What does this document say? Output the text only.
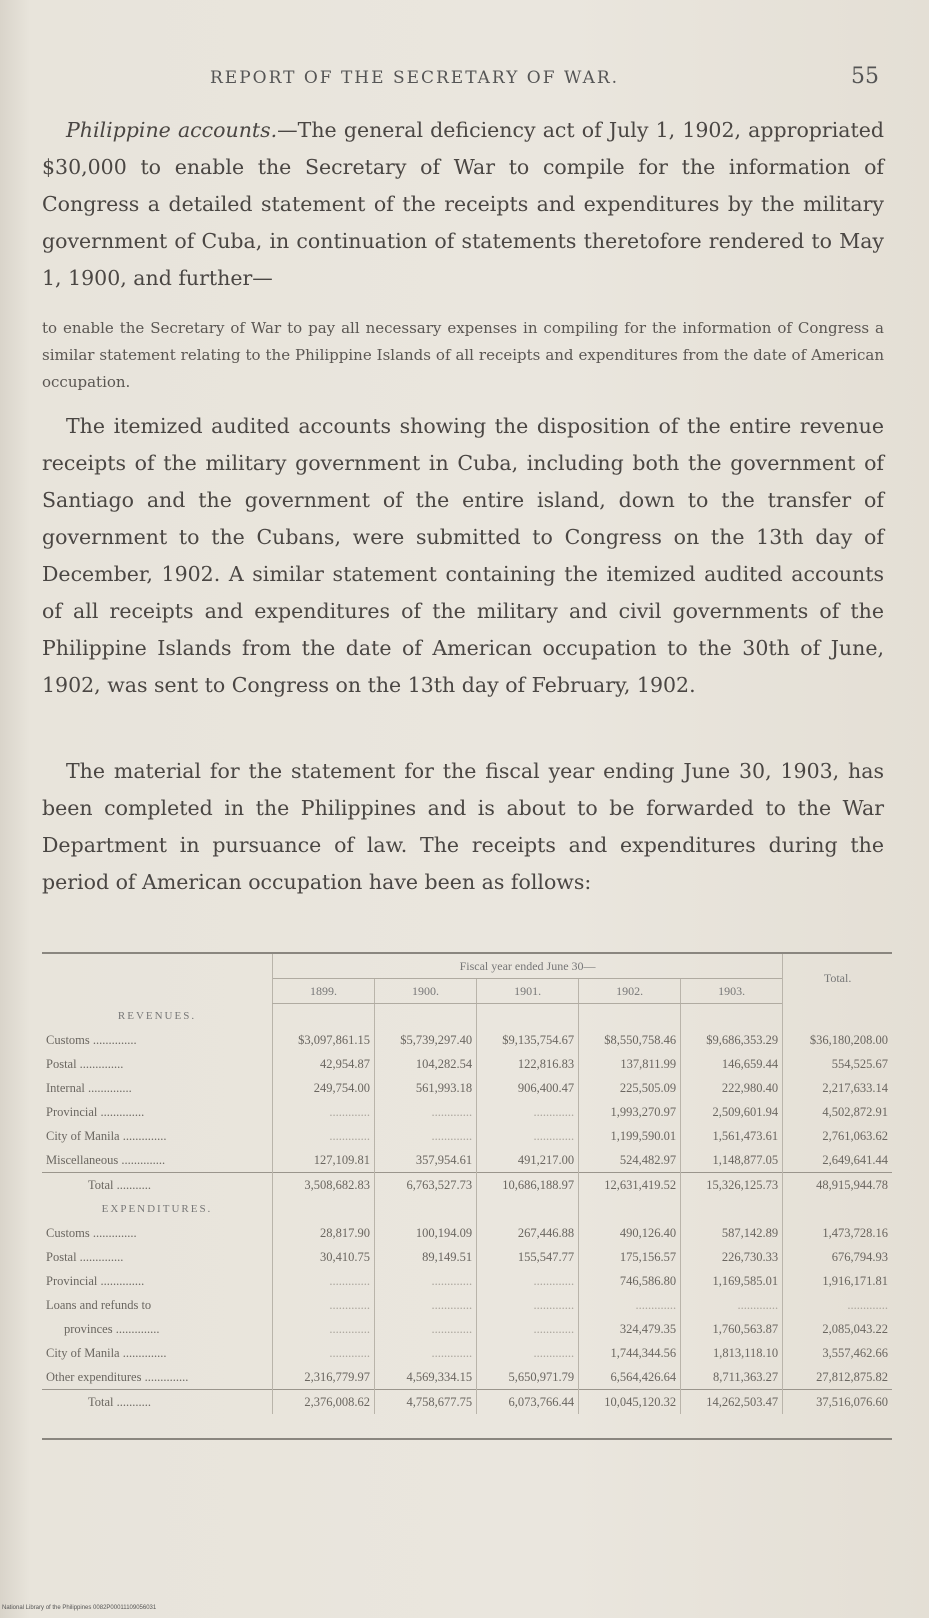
REPORT OF THE SECRETARY OF WAR.	55
Philippine accounts.—The general deficiency act of July 1, 1902, appropriated $30,000 to enable the Secretary of War to compile for the information of Congress a detailed statement of the receipts and expenditures by the military government of Cuba, in continuation of statements theretofore rendered to May 1, 1900, and further—
to enable the Secretary of War to pay all necessary expenses in compiling for the information of Congress a similar statement relating to the Philippine Islands of all receipts and expenditures from the date of American occupation.
The itemized audited accounts showing the disposition of the entire revenue receipts of the military government in Cuba, including both the government of Santiago and the government of the entire island, down to the transfer of government to the Cubans, were submitted to Congress on the 13th day of December, 1902. A similar statement containing the itemized audited accounts of all receipts and expenditures of the military and civil governments of the Philippine Islands from the date of American occupation to the 30th of June, 1902, was sent to Congress on the 13th day of February, 1902.
The material for the statement for the fiscal year ending June 30, 1903, has been completed in the Philippines and is about to be forwarded to the War Department in pursuance of law. The receipts and expenditures during the period of American occupation have been as follows:
	Fiscal year ended June 30—					Total.
	1899.	1900.	1901.	1902.	1903.	
REVENUES.						
Customs ..............	$3,097,861.15	$5,739,297.40	$9,135,754.67	$8,550,758.46	$9,686,353.29	$36,180,208.00
Postal ..............	42,954.87	104,282.54	122,816.83	137,811.99	146,659.44	554,525.67
Internal ..............	249,754.00	561,993.18	906,400.47	225,505.09	222,980.40	2,217,633.14
Provincial ..............	.............	.............	.............	1,993,270.97	2,509,601.94	4,502,872.91
City of Manila ..............	.............	.............	.............	1,199,590.01	1,561,473.61	2,761,063.62
Miscellaneous ..............	127,109.81	357,954.61	491,217.00	524,482.97	1,148,877.05	2,649,641.44
Total ...........	3,508,682.83	6,763,527.73	10,686,188.97	12,631,419.52	15,326,125.73	48,915,944.78
EXPENDITURES.						
Customs ..............	28,817.90	100,194.09	267,446.88	490,126.40	587,142.89	1,473,728.16
Postal ..............	30,410.75	89,149.51	155,547.77	175,156.57	226,730.33	676,794.93
Provincial ..............	.............	.............	.............	746,586.80	1,169,585.01	1,916,171.81
Loans and refunds to	.............	.............	.............	.............	.............	.............
provinces ..............	.............	.............	.............	324,479.35	1,760,563.87	2,085,043.22
City of Manila ..............	.............	.............	.............	1,744,344.56	1,813,118.10	3,557,462.66
Other expenditures ..............	2,316,779.97	4,569,334.15	5,650,971.79	6,564,426.64	8,711,363.27	27,812,875.82
Total ...........	2,376,008.62	4,758,677.75	6,073,766.44	10,045,120.32	14,262,503.47	37,516,076.60

National Library of the Philippines 0082P00011109056031
